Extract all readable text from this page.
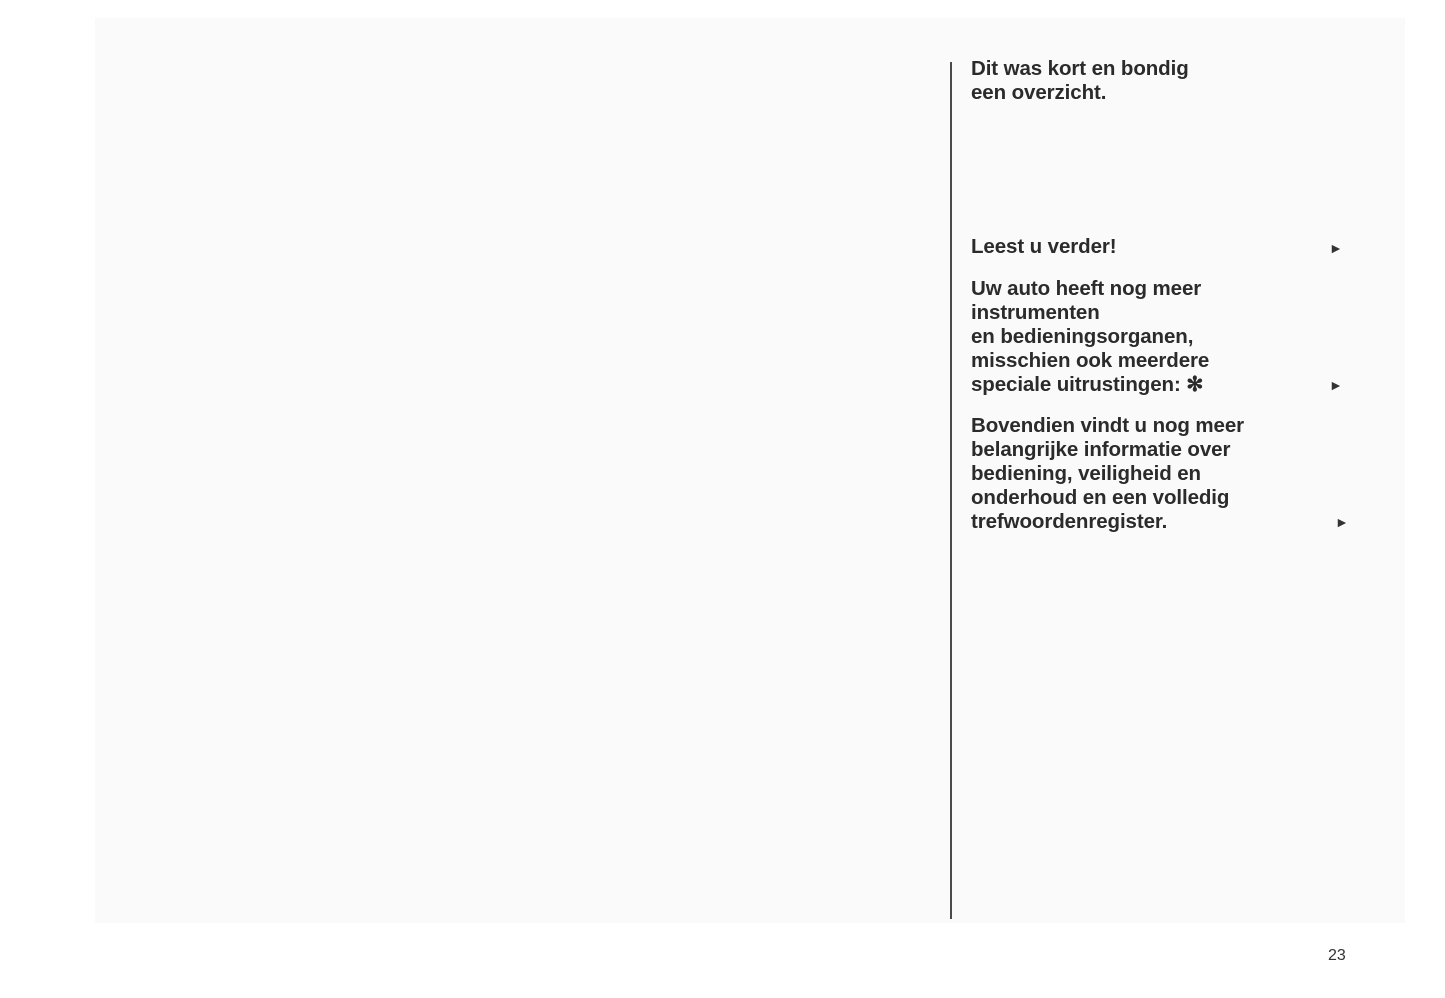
Dit was kort en bondig
een overzicht.
Leest u verder!	►
Uw auto heeft nog meer
instrumenten
en bedieningsorganen,
misschien ook meerdere
speciale uitrustingen: ✻	►
Bovendien vindt u nog meer
belangrijke informatie over
bediening, veiligheid en
onderhoud en een volledig
trefwoordenregister.	►
23
